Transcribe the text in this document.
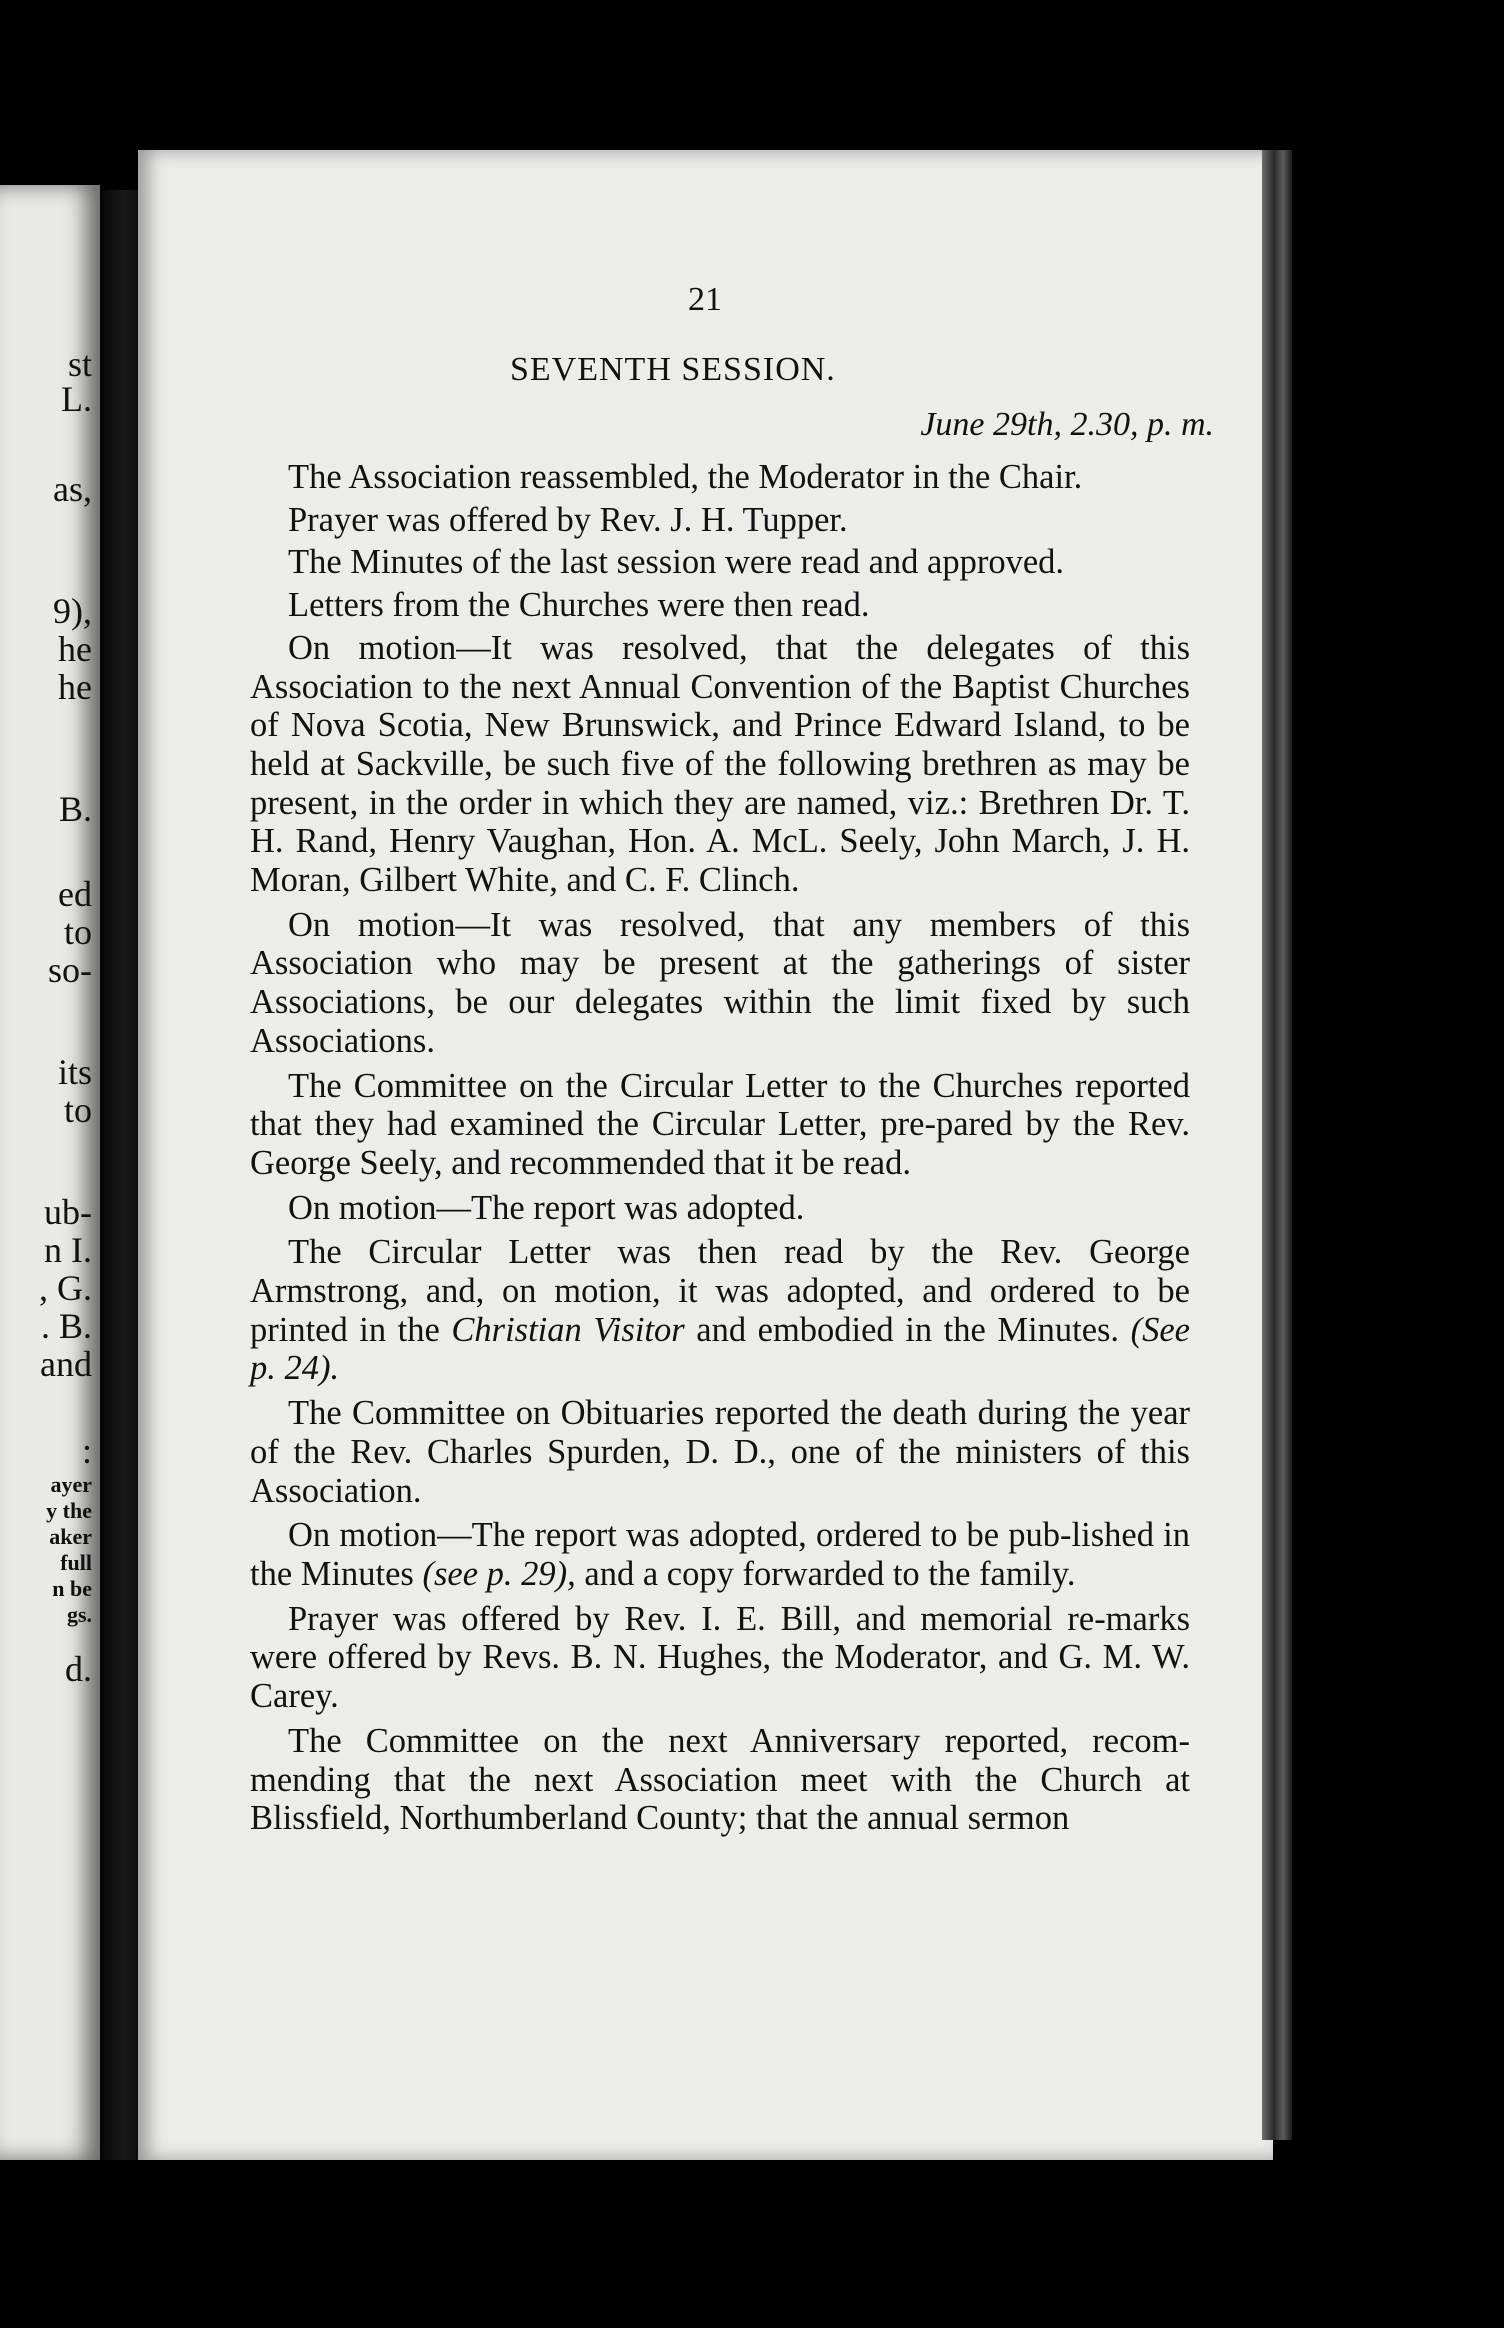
st
L.
as,
9),
he
he
B.
ed
to
so-
its
to
ub-
n I.
, G.
. B.
and
:
ayer
y the
aker
full
n be
gs.
d.
21
SEVENTH SESSION.
June 29th, 2.30, p. m.

The Association reassembled, the Moderator in the Chair.

Prayer was offered by Rev. J. H. Tupper.

The Minutes of the last session were read and approved.

Letters from the Churches were then read.

On motion—It was resolved, that the delegates of this Association to the next Annual Convention of the Baptist Churches of Nova Scotia, New Brunswick, and Prince Edward Island, to be held at Sackville, be such five of the following brethren as may be present, in the order in which they are named, viz.: Brethren Dr. T. H. Rand, Henry Vaughan, Hon. A. McL. Seely, John March, J. H. Moran, Gilbert White, and C. F. Clinch.

On motion—It was resolved, that any members of this Association who may be present at the gatherings of sister Associations, be our delegates within the limit fixed by such Associations.

The Committee on the Circular Letter to the Churches reported that they had examined the Circular Letter, pre-pared by the Rev. George Seely, and recommended that it be read.

On motion—The report was adopted.

The Circular Letter was then read by the Rev. George Armstrong, and, on motion, it was adopted, and ordered to be printed in the Christian Visitor and embodied in the Minutes. (See p. 24).

The Committee on Obituaries reported the death during the year of the Rev. Charles Spurden, D. D., one of the ministers of this Association.

On motion—The report was adopted, ordered to be pub-lished in the Minutes (see p. 29), and a copy forwarded to the family.

Prayer was offered by Rev. I. E. Bill, and memorial re-marks were offered by Revs. B. N. Hughes, the Moderator, and G. M. W. Carey.

The Committee on the next Anniversary reported, recom-mending that the next Association meet with the Church at Blissfield, Northumberland County; that the annual sermon
